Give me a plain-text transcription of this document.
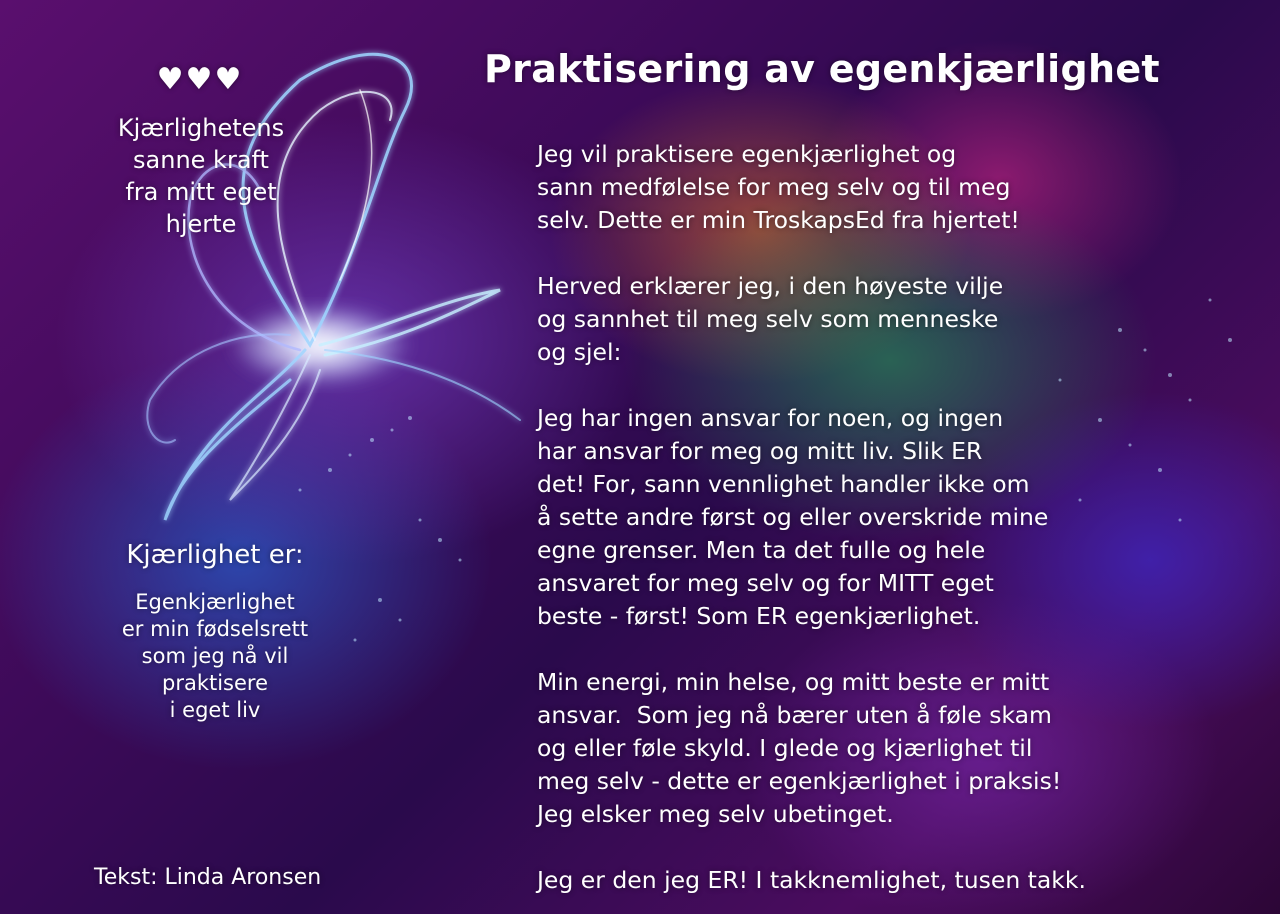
♥♥♥
Kjærlighetens
sanne kraft
fra mitt eget
hjerte
Kjærlighet er:
Egenkjærlighet
er min fødselsrett
som jeg nå vil
praktisere
i eget liv
Tekst: Linda Aronsen
Praktisering av egenkjærlighet
Jeg vil praktisere egenkjærlighet og
sann medfølelse for meg selv og til meg
selv. Dette er min TroskapsEd fra hjertet!
Herved erklærer jeg, i den høyeste vilje
og sannhet til meg selv som menneske
og sjel:
Jeg har ingen ansvar for noen, og ingen
har ansvar for meg og mitt liv. Slik ER
det! For, sann vennlighet handler ikke om
å sette andre først og eller overskride mine
egne grenser. Men ta det fulle og hele
ansvaret for meg selv og for MITT eget
beste - først! Som ER egenkjærlighet.
Min energi, min helse, og mitt beste er mitt
ansvar.  Som jeg nå bærer uten å føle skam
og eller føle skyld. I glede og kjærlighet til
meg selv - dette er egenkjærlighet i praksis!
Jeg elsker meg selv ubetinget.
Jeg er den jeg ER! I takknemlighet, tusen takk.
